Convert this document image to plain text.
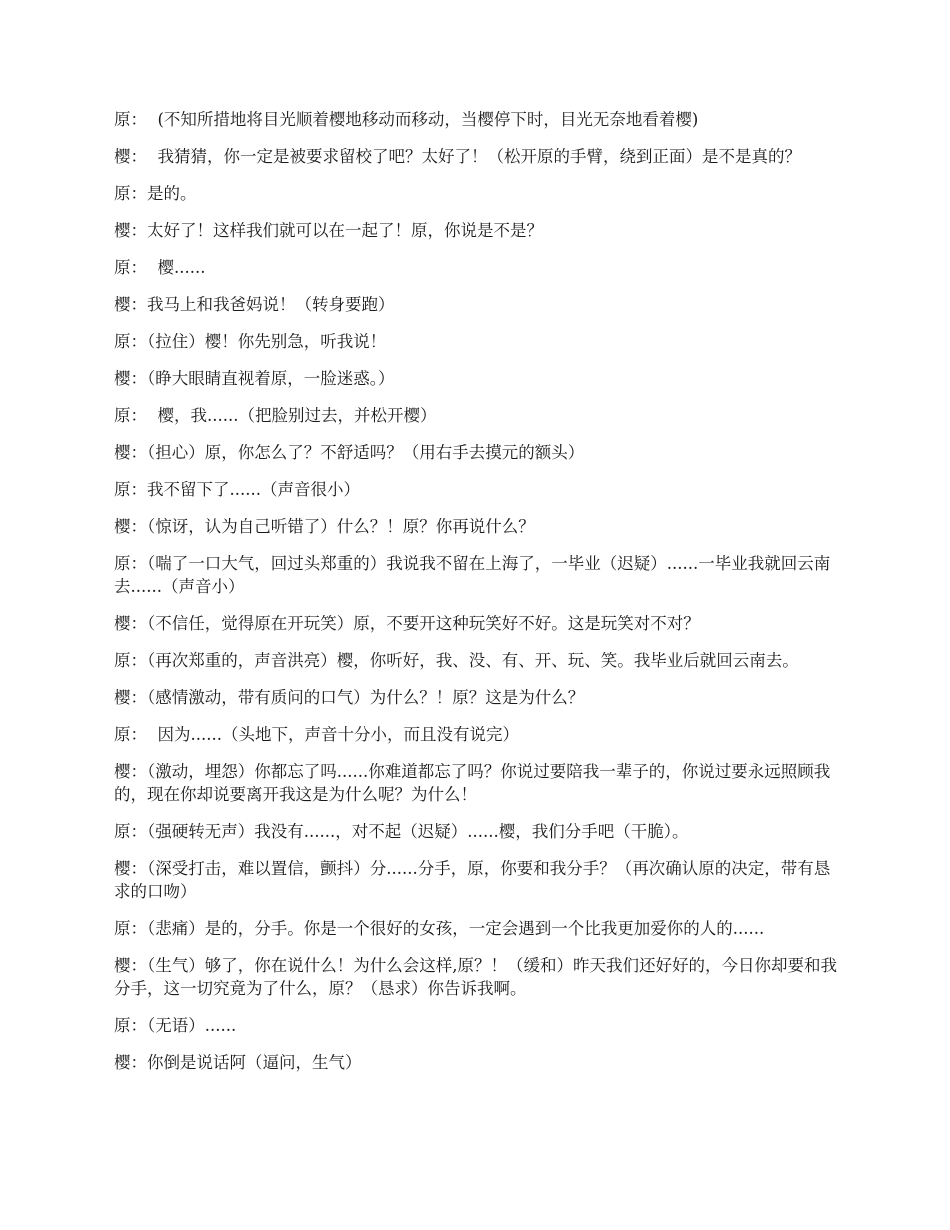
原：  (不知所措地将目光顺着樱地移动而移动，当樱停下时，目光无奈地看着樱)

樱：  我猜猜，你一定是被要求留校了吧？太好了！（松开原的手臂，绕到正面）是不是真的？

原：是的。

樱：太好了！这样我们就可以在一起了！原，你说是不是？

原：  樱......

樱：我马上和我爸妈说！（转身要跑）

原：（拉住）樱！你先别急，听我说！

樱：（睁大眼睛直视着原，一脸迷惑。）

原：  樱，我......（把脸别过去，并松开樱）

樱：（担心）原，你怎么了？不舒适吗？（用右手去摸元的额头）

原：我不留下了......（声音很小）

樱：（惊讶，认为自己听错了）什么？！原？你再说什么？

原：（喘了一口大气，回过头郑重的）我说我不留在上海了，一毕业（迟疑）......一毕业我就回云南去......（声音小）

樱：（不信任，觉得原在开玩笑）原，不要开这种玩笑好不好。这是玩笑对不对？

原：（再次郑重的，声音洪亮）樱，你听好，我、没、有、开、玩、笑。我毕业后就回云南去。

樱：（感情激动，带有质问的口气）为什么？！原？这是为什么？

原：  因为......（头地下，声音十分小，而且没有说完）

樱：（激动，埋怨）你都忘了吗......你难道都忘了吗？你说过要陪我一辈子的，你说过要永远照顾我的，现在你却说要离开我这是为什么呢？为什么！

原：（强硬转无声）我没有......，对不起（迟疑）......樱，我们分手吧（干脆）。

樱：（深受打击，难以置信，颤抖）分......分手，原，你要和我分手？（再次确认原的决定，带有恳求的口吻）

原：（悲痛）是的，分手。你是一个很好的女孩，一定会遇到一个比我更加爱你的人的......

樱：（生气）够了，你在说什么！为什么会这样,原？！（缓和）昨天我们还好好的，今日你却要和我分手，这一切究竟为了什么，原？（恳求）你告诉我啊。

原：（无语）......

樱：你倒是说话阿（逼问，生气）
